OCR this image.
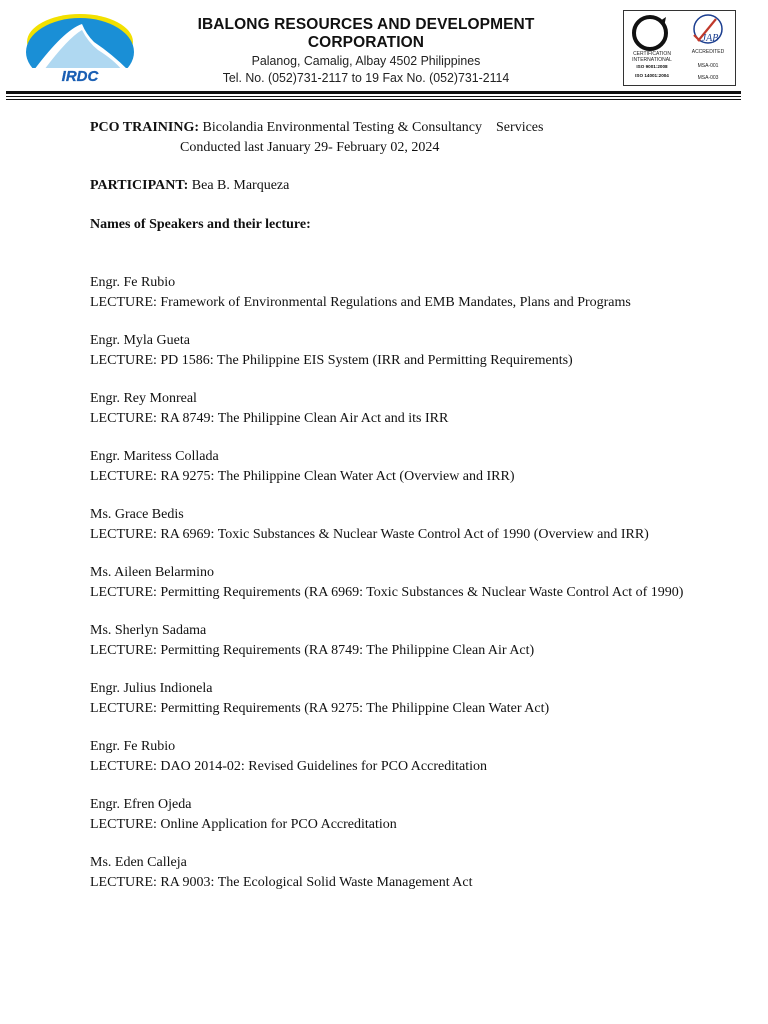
IRDC
IBALONG RESOURCES AND DEVELOPMENT CORPORATION
Palanog, Camalig, Albay 4502 Philippines
Tel. No. (052)731-2117 to 19 Fax No. (052)731-2114
CERTIFICATION
INTERNATIONAL
ISO 9001:2008
ISO 14001:2004
JAB
ACCREDITED
MSA-001
MSA-003

PCO TRAINING: Bicolandia Environmental Testing & Consultancy    Services

Conducted last January 29- February 02, 2024

PARTICIPANT: Bea B. Marqueza

Names of Speakers and their lecture:

Engr. Fe Rubio

LECTURE: Framework of Environmental Regulations and EMB Mandates, Plans and Programs

Engr. Myla Gueta

LECTURE: PD 1586: The Philippine EIS System (IRR and Permitting Requirements)

Engr. Rey Monreal

LECTURE: RA 8749: The Philippine Clean Air Act and its IRR

Engr. Maritess Collada

LECTURE: RA 9275: The Philippine Clean Water Act (Overview and IRR)

Ms. Grace Bedis

LECTURE: RA 6969: Toxic Substances & Nuclear Waste Control Act of 1990 (Overview and IRR)

Ms. Aileen Belarmino

LECTURE: Permitting Requirements (RA 6969: Toxic Substances & Nuclear Waste Control Act of 1990)

Ms. Sherlyn Sadama

LECTURE: Permitting Requirements (RA 8749: The Philippine Clean Air Act)

Engr. Julius Indionela

LECTURE: Permitting Requirements (RA 9275: The Philippine Clean Water Act)

Engr. Fe Rubio

LECTURE: DAO 2014-02: Revised Guidelines for PCO Accreditation

Engr. Efren Ojeda

LECTURE: Online Application for PCO Accreditation

Ms. Eden Calleja

LECTURE: RA 9003: The Ecological Solid Waste Management Act
